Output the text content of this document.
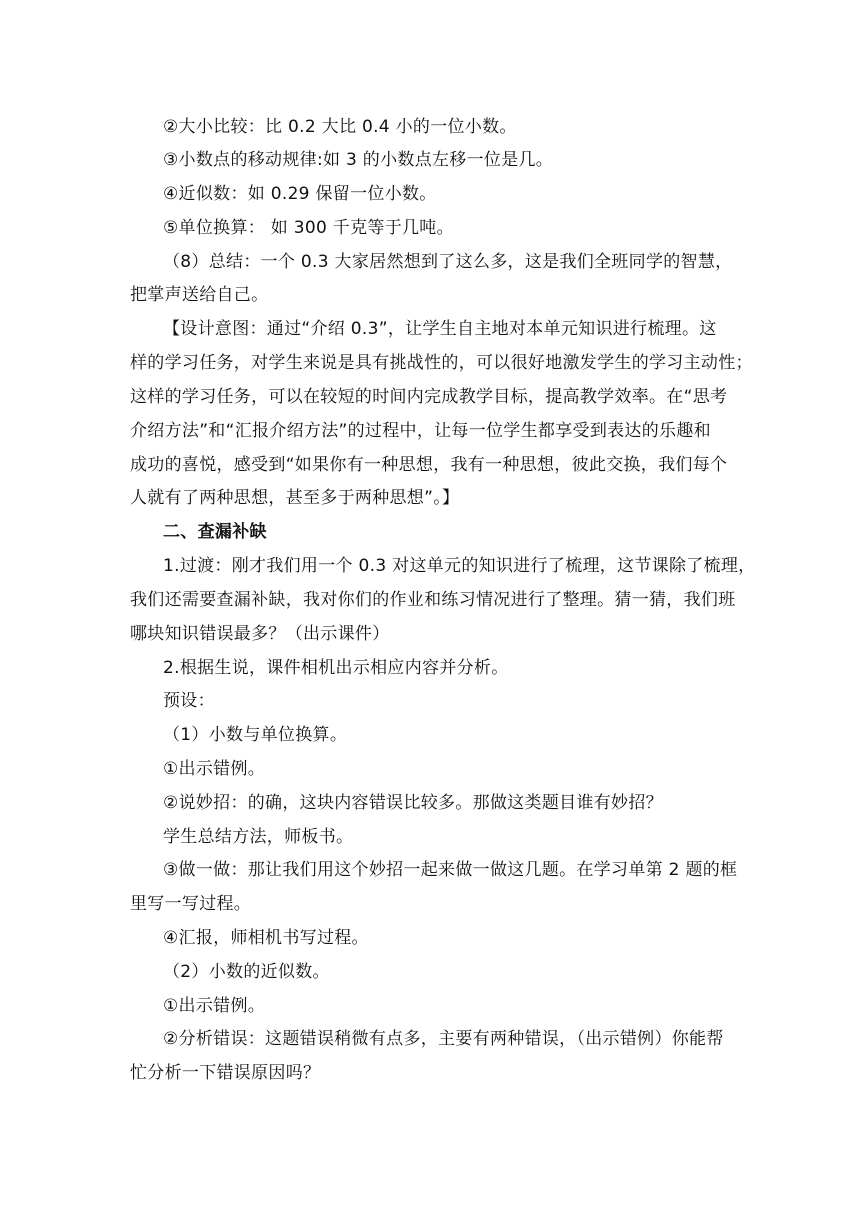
②大小比较：比 0.2 大比 0.4 小的一位小数。
③小数点的移动规律:如 3 的小数点左移一位是几。
④近似数：如 0.29 保留一位小数。
⑤单位换算： 如 300 千克等于几吨。
（8）总结：一个 0.3 大家居然想到了这么多，这是我们全班同学的智慧，
把掌声送给自己。
【设计意图：通过“介绍 0.3”，让学生自主地对本单元知识进行梳理。这
样的学习任务，对学生来说是具有挑战性的，可以很好地激发学生的学习主动性；
这样的学习任务，可以在较短的时间内完成教学目标，提高教学效率。在“思考
介绍方法”和“汇报介绍方法”的过程中，让每一位学生都享受到表达的乐趣和
成功的喜悦，感受到“如果你有一种思想，我有一种思想，彼此交换，我们每个
人就有了两种思想，甚至多于两种思想”。】
二、查漏补缺
1.过渡：刚才我们用一个 0.3 对这单元的知识进行了梳理，这节课除了梳理，
我们还需要查漏补缺，我对你们的作业和练习情况进行了整理。猜一猜，我们班
哪块知识错误最多？（出示课件）
2.根据生说，课件相机出示相应内容并分析。
预设：
（1）小数与单位换算。
①出示错例。
②说妙招：的确，这块内容错误比较多。那做这类题目谁有妙招？
学生总结方法，师板书。
③做一做：那让我们用这个妙招一起来做一做这几题。在学习单第 2 题的框
里写一写过程。
④汇报，师相机书写过程。
（2）小数的近似数。
①出示错例。
②分析错误：这题错误稍微有点多，主要有两种错误，（出示错例）你能帮
忙分析一下错误原因吗？
